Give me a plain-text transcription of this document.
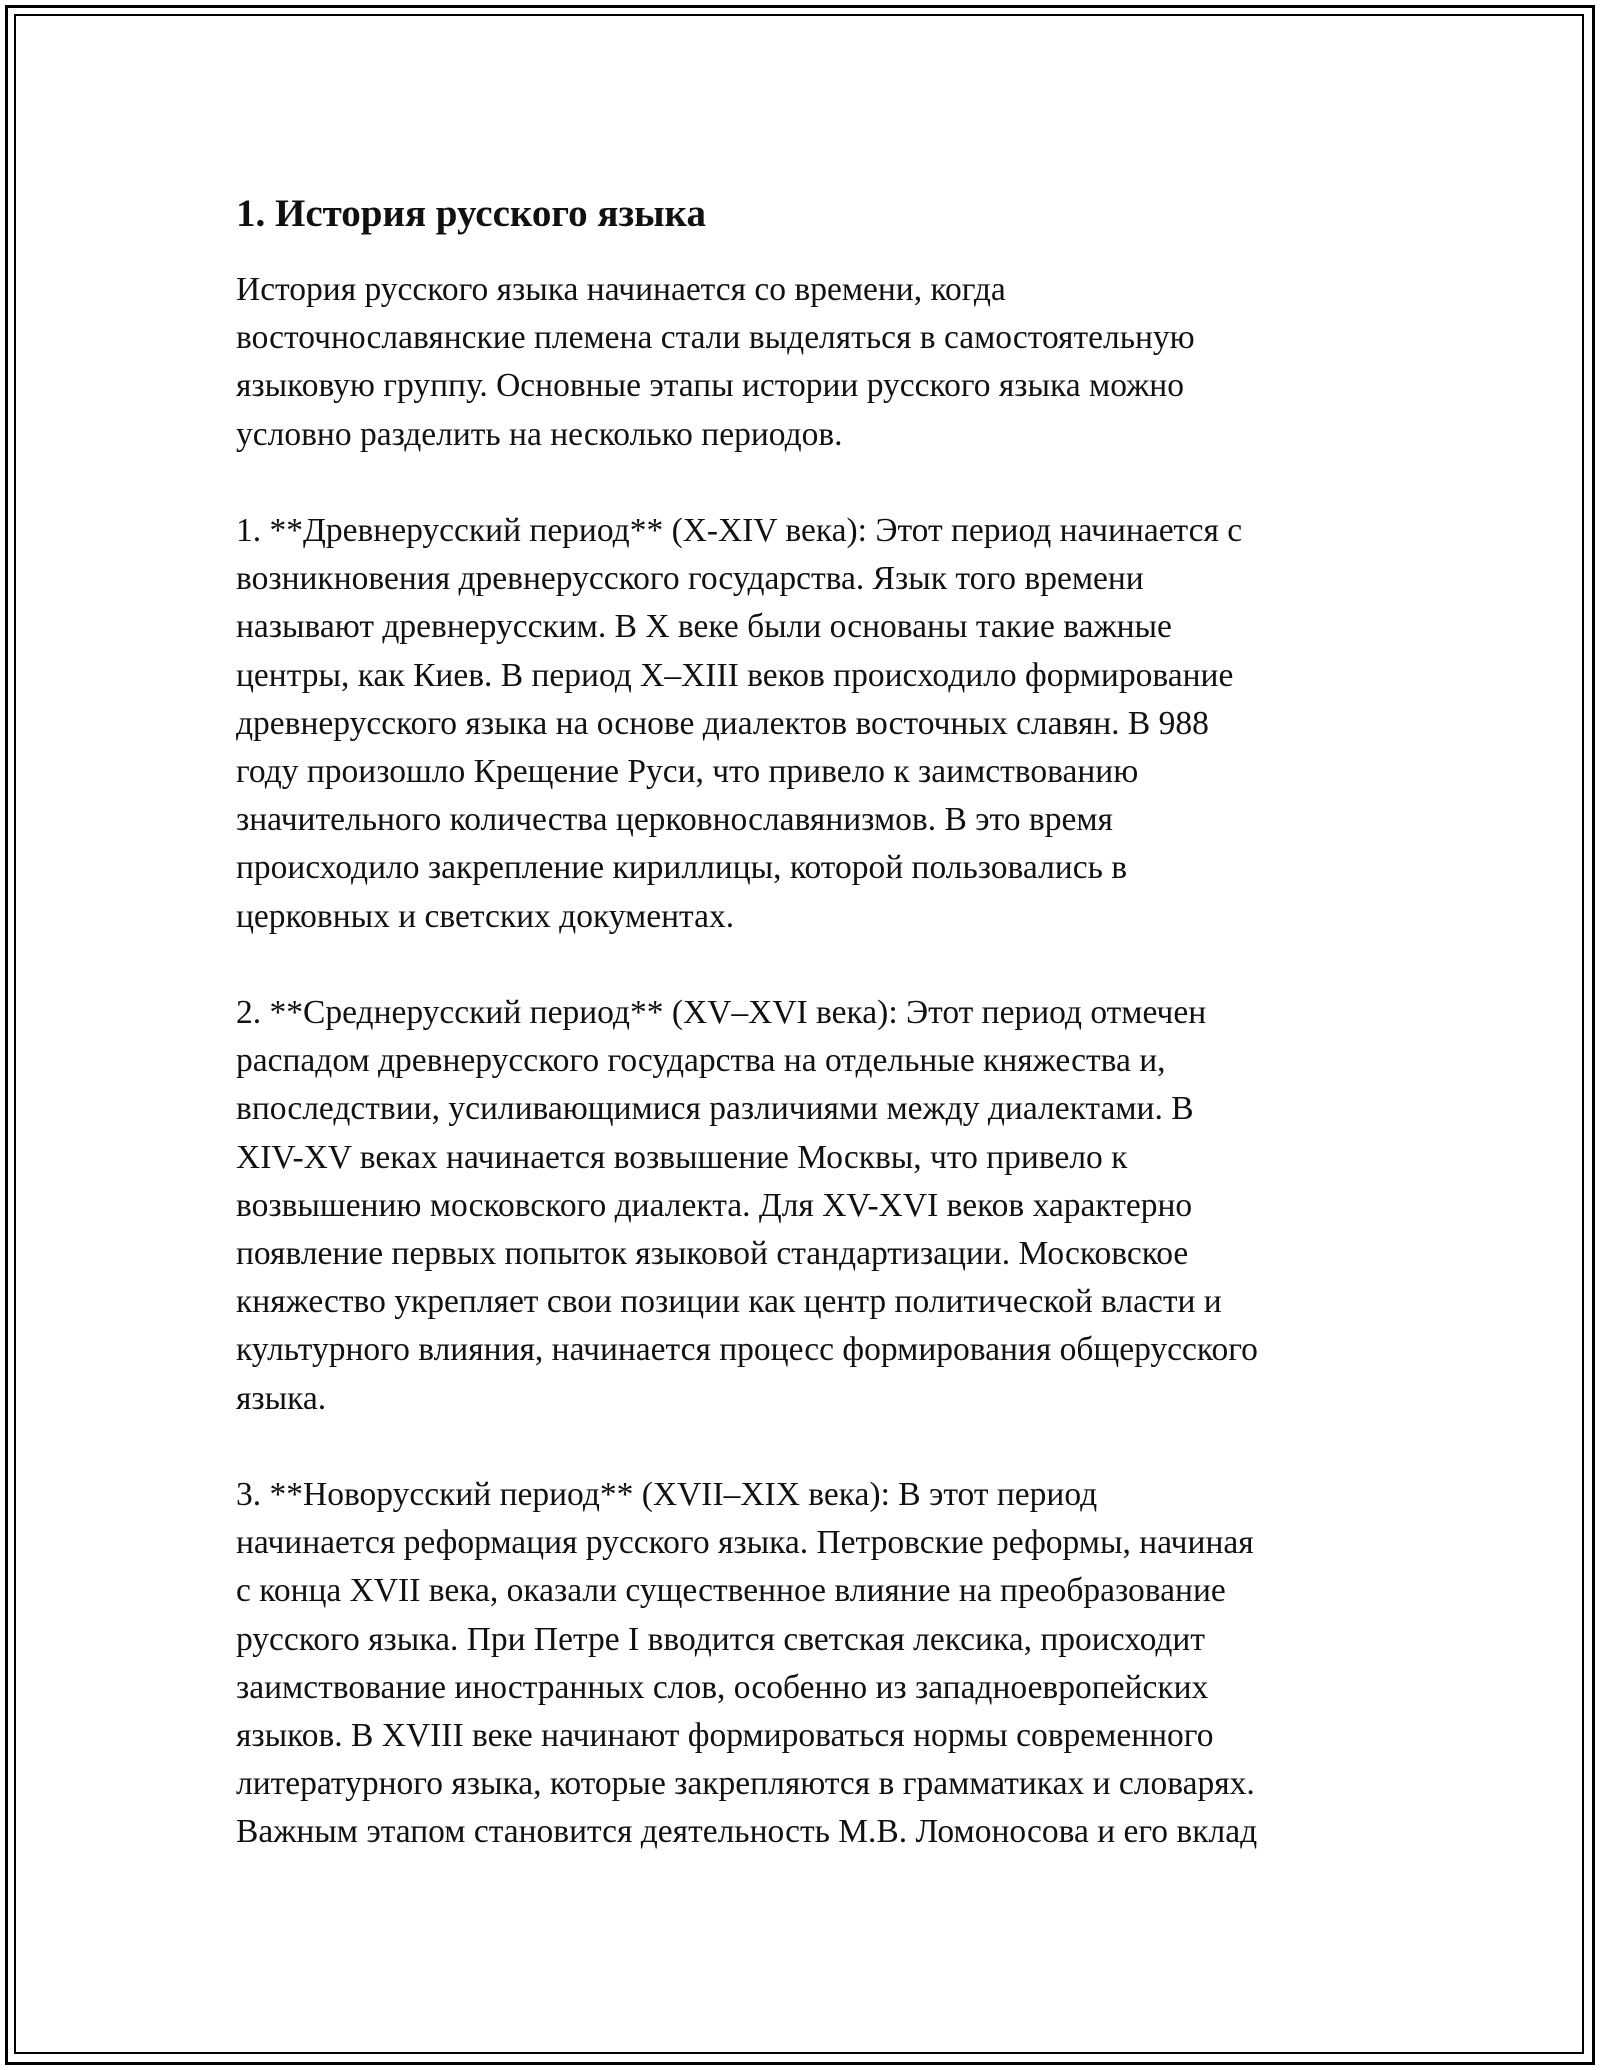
1. История русского языка

История русского языка начинается со времени, когда
восточнославянские племена стали выделяться в самостоятельную
языковую группу. Основные этапы истории русского языка можно
условно разделить на несколько периодов.

1. **Древнерусский период** (X-XIV века): Этот период начинается с
возникновения древнерусского государства. Язык того времени
называют древнерусским. В X веке были основаны такие важные
центры, как Киев. В период X–XIII веков происходило формирование
древнерусского языка на основе диалектов восточных славян. В 988
году произошло Крещение Руси, что привело к заимствованию
значительного количества церковнославянизмов. В это время
происходило закрепление кириллицы, которой пользовались в
церковных и светских документах.

2. **Среднерусский период** (XV–XVI века): Этот период отмечен
распадом древнерусского государства на отдельные княжества и,
впоследствии, усиливающимися различиями между диалектами. В
XIV-XV веках начинается возвышение Москвы, что привело к
возвышению московского диалекта. Для XV-XVI веков характерно
появление первых попыток языковой стандартизации. Московское
княжество укрепляет свои позиции как центр политической власти и
культурного влияния, начинается процесс формирования общерусского
языка.

3. **Новорусский период** (XVII–XIX века): В этот период
начинается реформация русского языка. Петровские реформы, начиная
с конца XVII века, оказали существенное влияние на преобразование
русского языка. При Петре I вводится светская лексика, происходит
заимствование иностранных слов, особенно из западноевропейских
языков. В XVIII веке начинают формироваться нормы современного
литературного языка, которые закрепляются в грамматиках и словарях.
Важным этапом становится деятельность М.В. Ломоносова и его вклад
